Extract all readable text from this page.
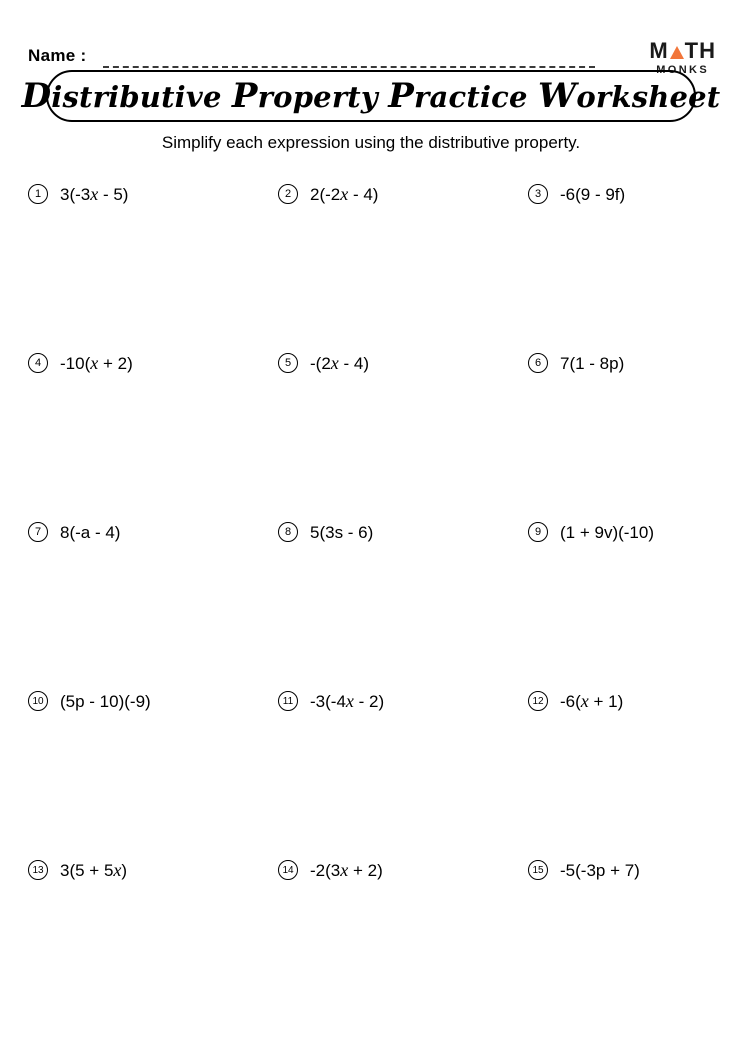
Name :	M TH
MONKS
Distributive Property Practice Worksheet
Simplify each expression using the distributive property.
1	3(-3x - 5)	2	2(-2x - 4)	3	-6(9 - 9f)
4	-10(x + 2)	5	-(2x - 4)	6	7(1 - 8p)
7	8(-a - 4)	8	5(3s - 6)	9	(1 + 9v)(-10)
10 (5p - 10)(-9)	11 -3(-4x - 2)	12 -6(x + 1)
13 3(5 + 5x)	14 -2(3x + 2)	15 -5(-3p + 7)
